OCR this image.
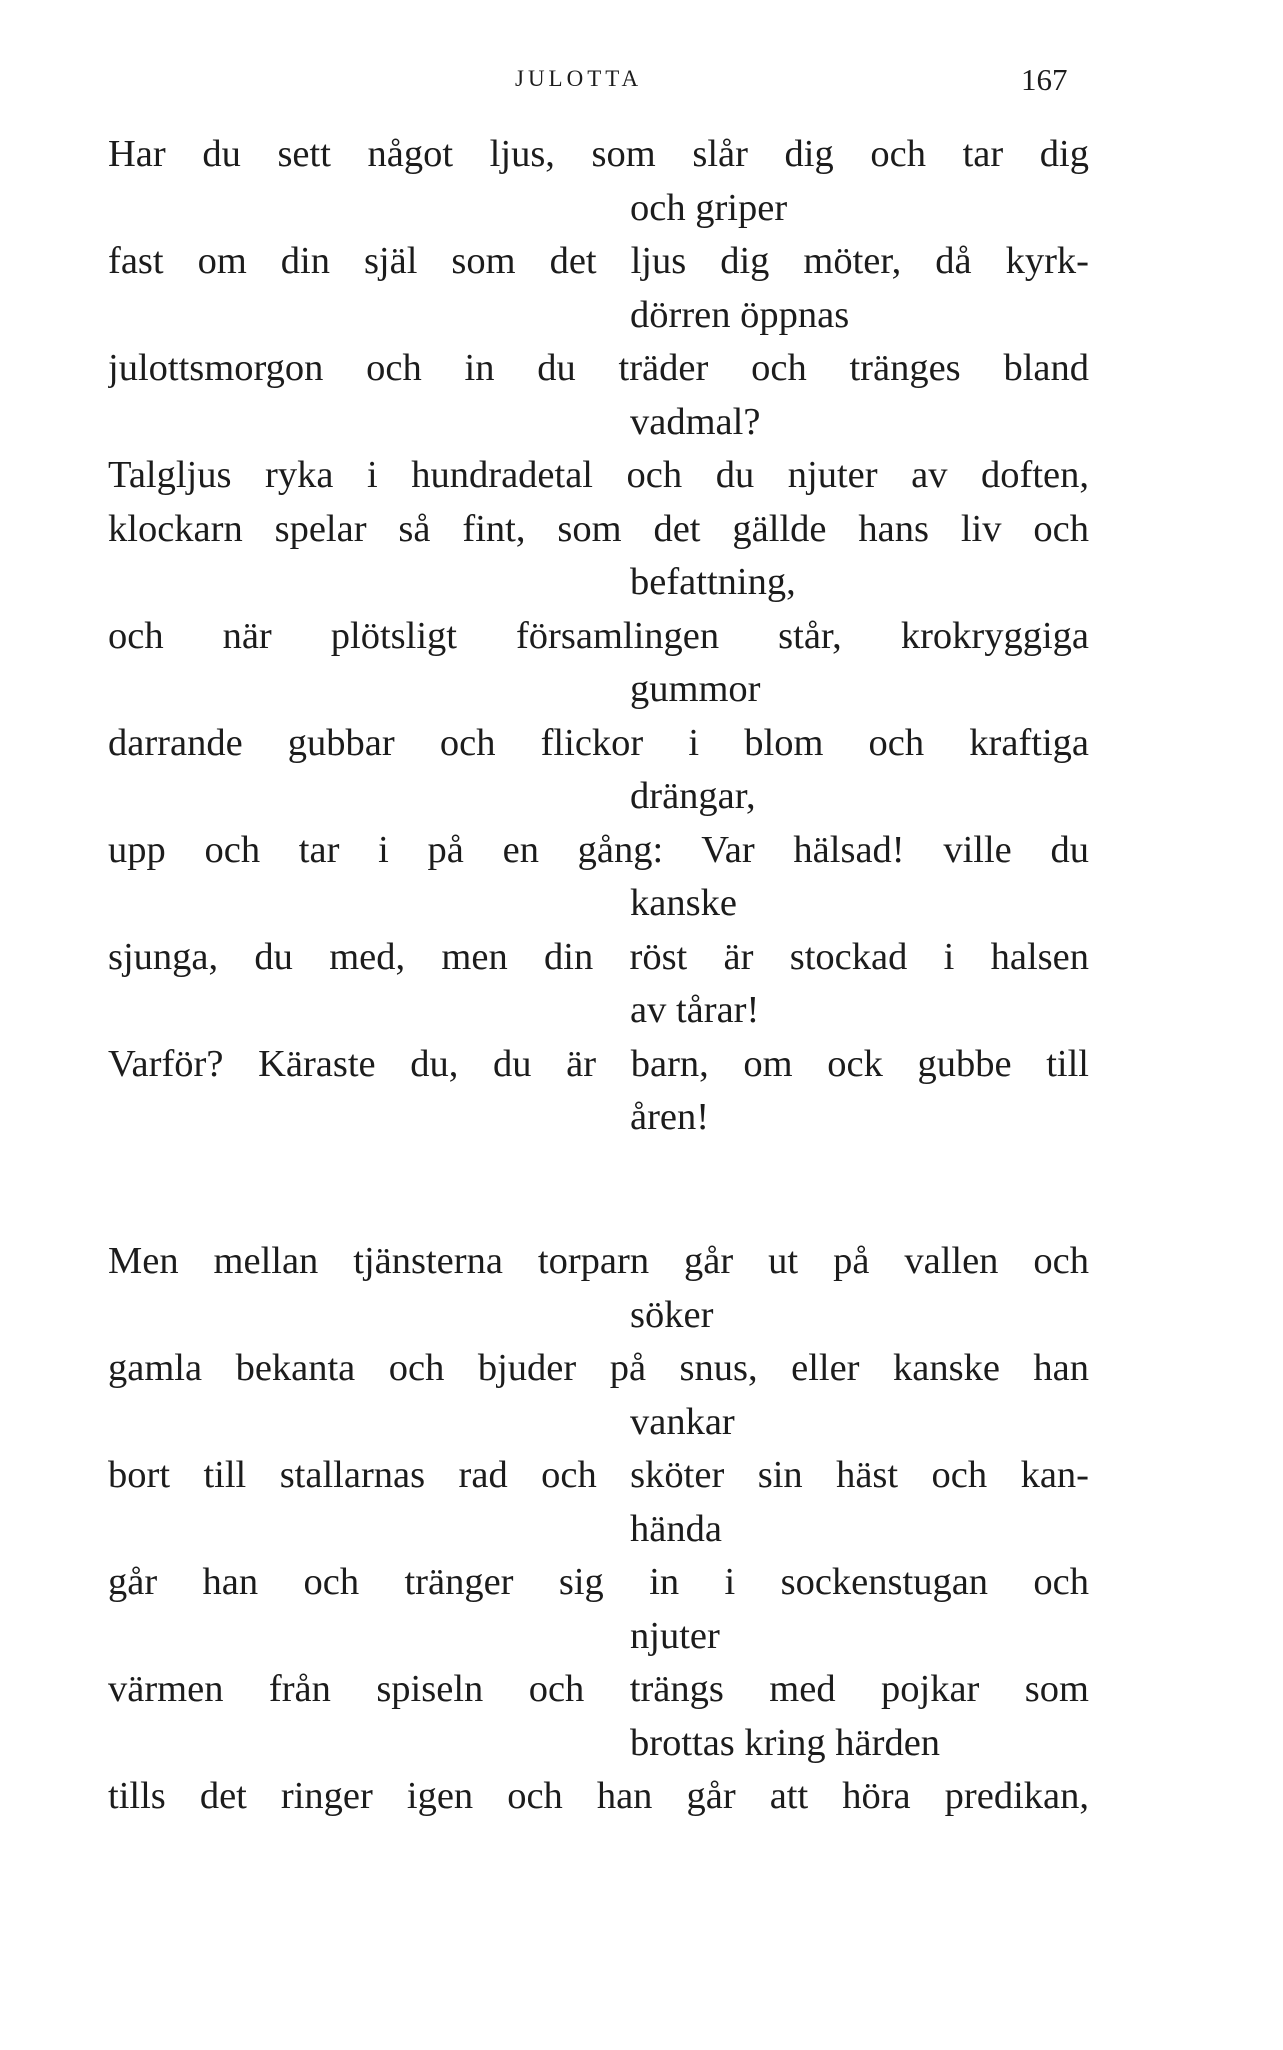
JULOTTA	167
Har du sett något ljus, som slår dig och tar dig
och griper
fast om din själ som det ljus dig möter, då kyrk-
dörren öppnas
julottsmorgon och in du träder och tränges bland
vadmal?
Talgljus ryka i hundradetal och du njuter av doften,
klockarn spelar så fint, som det gällde hans liv och
befattning,
och när plötsligt församlingen står, krokryggiga
gummor
darrande gubbar och flickor i blom och kraftiga
drängar,
upp och tar i på en gång: Var hälsad! ville du
kanske
sjunga, du med, men din röst är stockad i halsen
av tårar!
Varför? Käraste du, du är barn, om ock gubbe till
åren!
Men mellan tjänsterna torparn går ut på vallen och
söker
gamla bekanta och bjuder på snus, eller kanske han
vankar
bort till stallarnas rad och sköter sin häst och kan-
hända
går han och tränger sig in i sockenstugan och
njuter
värmen från spiseln och trängs med pojkar som
brottas kring härden
tills det ringer igen och han går att höra predikan,
